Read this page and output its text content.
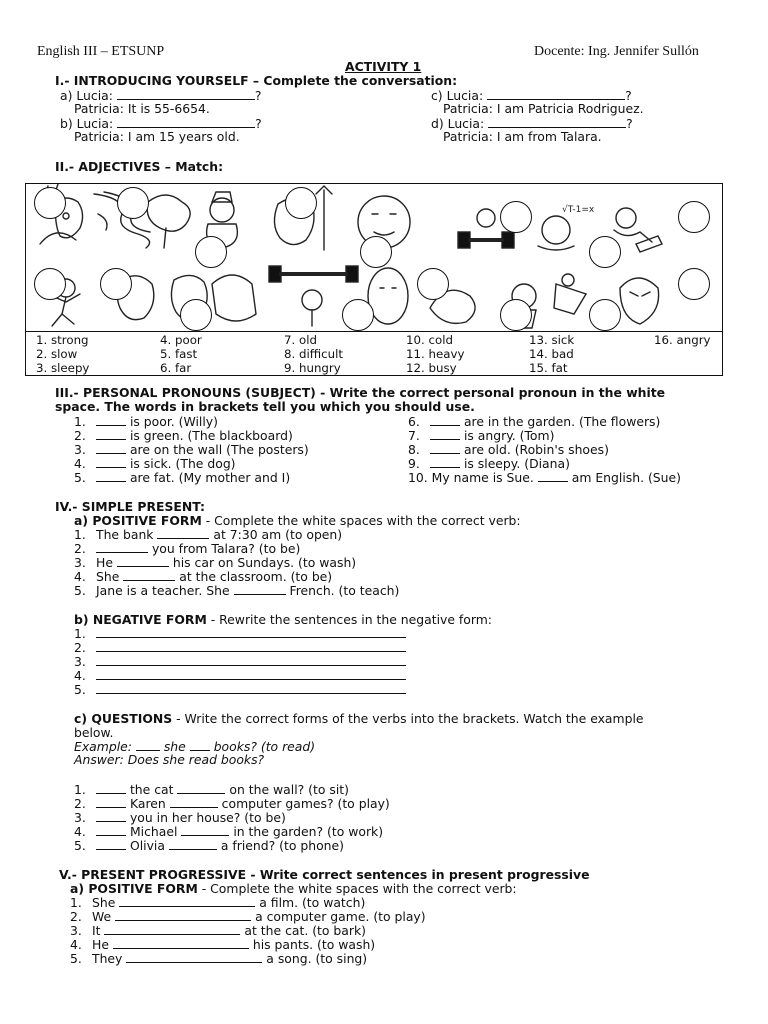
English III – ETSUNP	Docente: Ing. Jennifer Sullón
ACTIVITY 1
I.- INTRODUCING YOURSELF – Complete the conversation:
a) Lucia:	?
Patricia: It is 55-6654.
b) Lucia:	?
Patricia: I am 15 years old.
c) Lucia:	?
Patricia: I am Patricia Rodriguez.
d) Lucia:	?
Patricia: I am from Talara.
II.- ADJECTIVES – Match:
√T-1=x
1. strong
2. slow
3. sleepy
4. poor
5. fast
6. far
7. old
8. difficult
9. hungry
10. cold
11. heavy
12. busy
13. sick
14. bad
15. fat
16. angry
III.- PERSONAL PRONOUNS (SUBJECT) - Write the correct personal pronoun in the white
space. The words in brackets tell you which you should use.
1.	is poor. (Willy)
2.	is green. (The blackboard)
3.	are on the wall (The posters)
4.	is sick. (The dog)
5.	are fat. (My mother and I)
6.	are in the garden. (The flowers)
7.	is angry. (Tom)
8.	are old. (Robin's shoes)
9.	is sleepy. (Diana)
10. My name is Sue.	am English. (Sue)
IV.- SIMPLE PRESENT:
a) POSITIVE FORM - Complete the white spaces with the correct verb:
1. The bank	at 7:30 am (to open)
2.	you from Talara? (to be)
3. He	his car on Sundays. (to wash)
4. She	at the classroom. (to be)
5. Jane is a teacher. She	French. (to teach)
b) NEGATIVE FORM - Rewrite the sentences in the negative form:
1.
2.
3.
4.
5.
c) QUESTIONS - Write the correct forms of the verbs into the brackets. Watch the example
below.
Example:	she books? (to read)
Answer: Does she read books?
1.	the cat	on the wall? (to sit)
2.	Karen	computer games? (to play)
3.	you in her house? (to be)
4.	Michael	in the garden? (to work)
5.	Olivia	a friend? (to phone)
V.- PRESENT PROGRESSIVE - Write correct sentences in present progressive
a) POSITIVE FORM - Complete the white spaces with the correct verb:
1. She	a film. (to watch)
2. We	a computer game. (to play)
3. It	at the cat. (to bark)
4. He	his pants. (to wash)
5. They	a song. (to sing)
